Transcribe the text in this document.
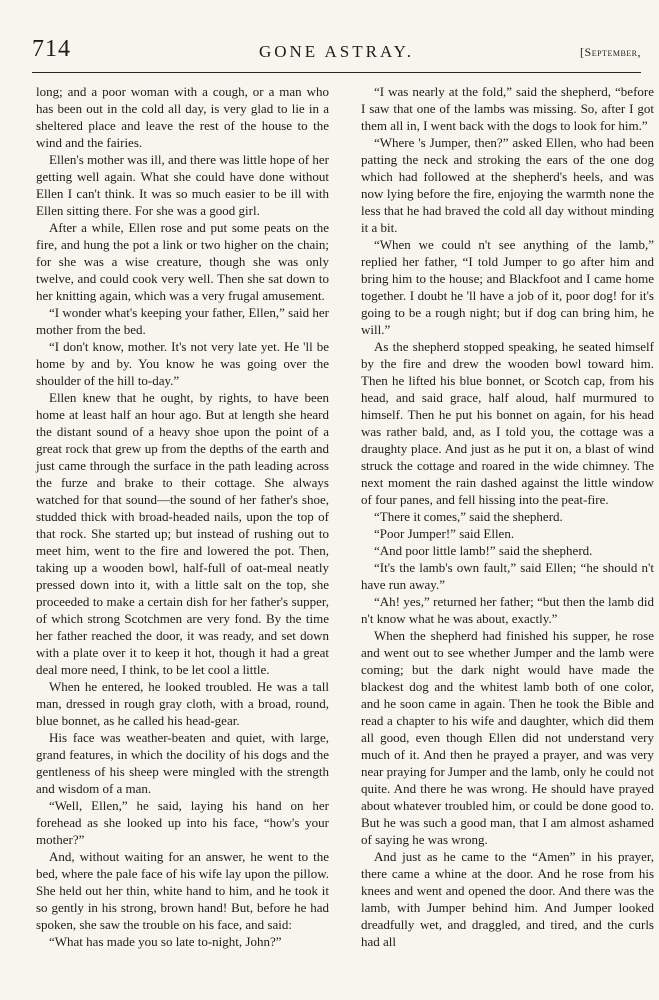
714	GONE ASTRAY.	[September,

long; and a poor woman with a cough, or a man who has been out in the cold all day, is very glad to lie in a sheltered place and leave the rest of the house to the wind and the fairies.

Ellen's mother was ill, and there was little hope of her getting well again. What she could have done without Ellen I can't think. It was so much easier to be ill with Ellen sitting there. For she was a good girl.

After a while, Ellen rose and put some peats on the fire, and hung the pot a link or two higher on the chain; for she was a wise creature, though she was only twelve, and could cook very well. Then she sat down to her knitting again, which was a very frugal amusement.

“I wonder what's keeping your father, Ellen,” said her mother from the bed.

“I don't know, mother. It's not very late yet. He 'll be home by and by. You know he was going over the shoulder of the hill to-day.”

Ellen knew that he ought, by rights, to have been home at least half an hour ago. But at length she heard the distant sound of a heavy shoe upon the point of a great rock that grew up from the depths of the earth and just came through the surface in the path leading across the furze and brake to their cottage. She always watched for that sound—the sound of her father's shoe, studded thick with broad-headed nails, upon the top of that rock. She started up; but instead of rushing out to meet him, went to the fire and lowered the pot. Then, taking up a wooden bowl, half-full of oat-meal neatly pressed down into it, with a little salt on the top, she proceeded to make a certain dish for her father's supper, of which strong Scotchmen are very fond. By the time her father reached the door, it was ready, and set down with a plate over it to keep it hot, though it had a great deal more need, I think, to be let cool a little.

When he entered, he looked troubled. He was a tall man, dressed in rough gray cloth, with a broad, round, blue bonnet, as he called his head-gear.

His face was weather-beaten and quiet, with large, grand features, in which the docility of his dogs and the gentleness of his sheep were mingled with the strength and wisdom of a man.

“Well, Ellen,” he said, laying his hand on her forehead as she looked up into his face, “how's your mother?”

And, without waiting for an answer, he went to the bed, where the pale face of his wife lay upon the pillow. She held out her thin, white hand to him, and he took it so gently in his strong, brown hand! But, before he had spoken, she saw the trouble on his face, and said:

“What has made you so late to-night, John?”

“I was nearly at the fold,” said the shepherd, “before I saw that one of the lambs was missing. So, after I got them all in, I went back with the dogs to look for him.”

“Where 's Jumper, then?” asked Ellen, who had been patting the neck and stroking the ears of the one dog which had followed at the shepherd's heels, and was now lying before the fire, enjoying the warmth none the less that he had braved the cold all day without minding it a bit.

“When we could n't see anything of the lamb,” replied her father, “I told Jumper to go after him and bring him to the house; and Blackfoot and I came home together. I doubt he 'll have a job of it, poor dog! for it's going to be a rough night; but if dog can bring him, he will.”

As the shepherd stopped speaking, he seated himself by the fire and drew the wooden bowl toward him. Then he lifted his blue bonnet, or Scotch cap, from his head, and said grace, half aloud, half murmured to himself. Then he put his bonnet on again, for his head was rather bald, and, as I told you, the cottage was a draughty place. And just as he put it on, a blast of wind struck the cottage and roared in the wide chimney. The next moment the rain dashed against the little window of four panes, and fell hissing into the peat-fire.

“There it comes,” said the shepherd.

“Poor Jumper!” said Ellen.

“And poor little lamb!” said the shepherd.

“It's the lamb's own fault,” said Ellen; “he should n't have run away.”

“Ah! yes,” returned her father; “but then the lamb did n't know what he was about, exactly.”

When the shepherd had finished his supper, he rose and went out to see whether Jumper and the lamb were coming; but the dark night would have made the blackest dog and the whitest lamb both of one color, and he soon came in again. Then he took the Bible and read a chapter to his wife and daughter, which did them all good, even though Ellen did not understand very much of it. And then he prayed a prayer, and was very near praying for Jumper and the lamb, only he could not quite. And there he was wrong. He should have prayed about whatever troubled him, or could be done good to. But he was such a good man, that I am almost ashamed of saying he was wrong.

And just as he came to the “Amen” in his prayer, there came a whine at the door. And he rose from his knees and went and opened the door. And there was the lamb, with Jumper behind him. And Jumper looked dreadfully wet, and draggled, and tired, and the curls had all
